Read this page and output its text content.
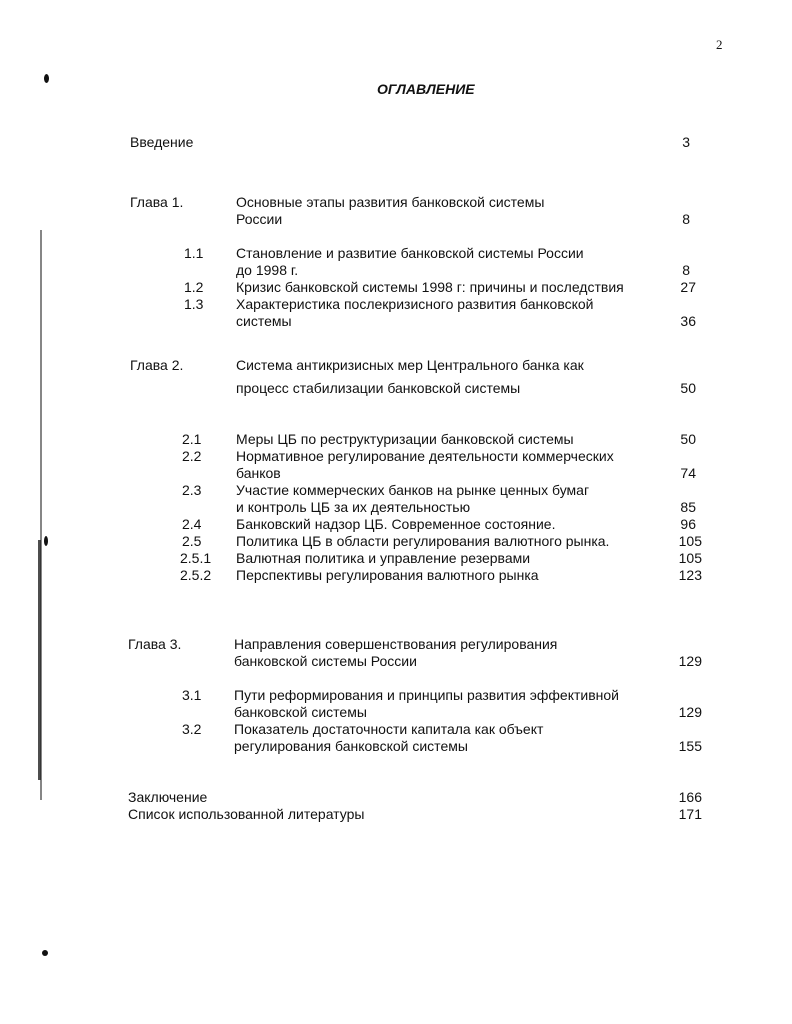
2
ОГЛАВЛЕНИЕ
Введение	3
Глава 1.	Основные этапы развития банковской системы
России	8
1.1 Становление и развитие банковской системы России
до 1998 г.	8
1.2 Кризис банковской системы 1998 г: причины и последствия	27
1.3 Характеристика послекризисного развития банковской
системы	36
Глава 2.	Система антикризисных мер Центрального банка как
процесс стабилизации банковской системы	50
2.1 Меры ЦБ по реструктуризации банковской системы	50
2.2 Нормативное регулирование деятельности коммерческих
банков	74
2.3 Участие коммерческих банков на рынке ценных бумаг
и контроль ЦБ за их деятельностью	85
2.4 Банковский надзор ЦБ. Современное состояние.	96
2.5 Политика ЦБ в области регулирования валютного рынка.	105
2.5.1 Валютная политика и управление резервами	105
2.5.2 Перспективы регулирования валютного рынка	123
Глава 3.	Направления совершенствования регулирования
банковской системы России	129
3.1 Пути реформирования и принципы развития эффективной
банковской системы	129
3.2 Показатель достаточности капитала как объект
регулирования банковской системы	155
Заключение	166
Список использованной литературы	171
